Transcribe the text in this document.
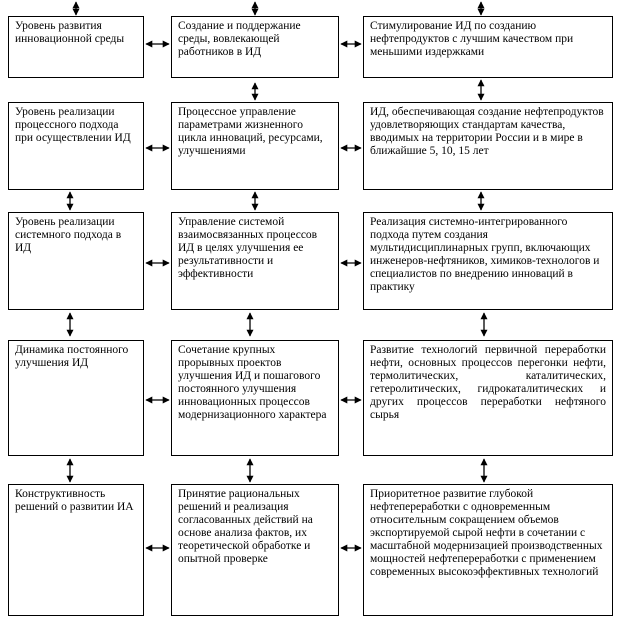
Уровень развития инновационной среды
Создание и поддержание среды, вовлекающей работников в ИД
Стимулирование ИД по созданию нефтепродуктов с лучшим качеством при меньшими издержками
Уровень реализации процессного подхода при осуществлении ИД
Процессное управление параметрами жизненного цикла инноваций, ресурсами, улучшениями
ИД, обеспечивающая создание нефтепродуктов удовлетворяющих стандартам качества, вводимых на территории России и в мире в ближайшие 5, 10, 15 лет
Уровень реализации системного подхода в ИД
Управление системой взаимосвязанных процессов ИД в целях улучшения ее результативности и эффективности
Реализация системно-интегрированного подхода путем создания мультидисциплинарных групп, включающих инженеров-нефтяников, химиков-технологов и специалистов по внедрению инноваций в практику
Динамика постоянного улучшения ИД
Сочетание крупных прорывных проектов улучшения ИД и пошагового постоянного улучшения инновационных процессов модернизационного характера
Развитие технологий первичной переработки нефти, основных процессов перегонки нефти, термолитических, каталитических, гетеролитических, гидрокаталитических и других процессов переработки нефтяного сырья
Конструктивность решений о развитии ИА
Принятие рациональных решений и реализация согласованных действий на основе анализа фактов, их теоретической обработке и опытной проверке
Приоритетное развитие глубокой нефтепереработки с одновременным относительным сокращением объемов экспортируемой сырой нефти в сочетании с масштабной модернизацией производственных мощностей нефтепереработки с применением современных высокоэффективных технологий
